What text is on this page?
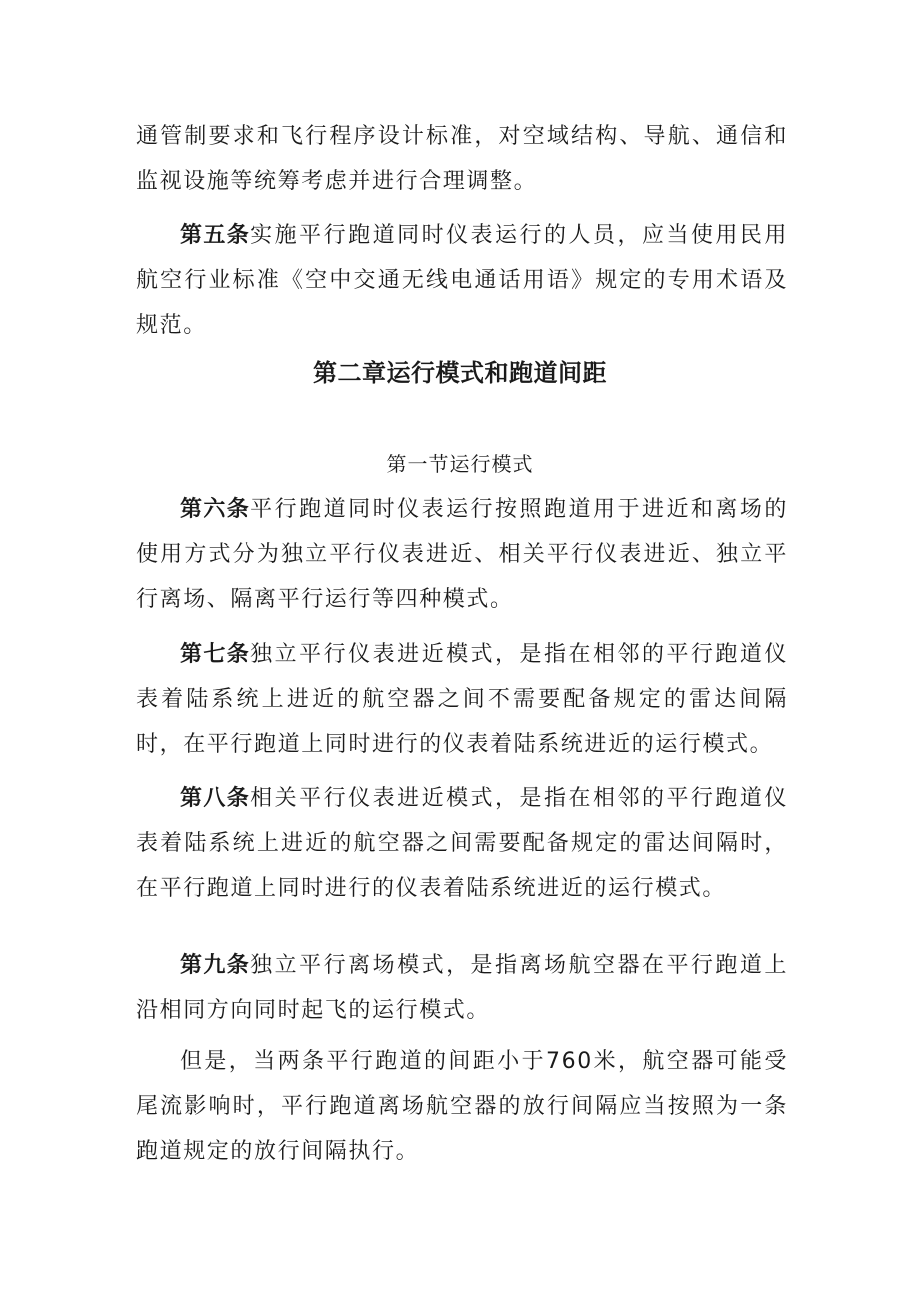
通管制要求和飞行程序设计标准，对空域结构、导航、通信和监视设施等统筹考虑并进行合理调整。

第五条实施平行跑道同时仪表运行的人员，应当使用民用航空行业标准《空中交通无线电通话用语》规定的专用术语及规范。

第二章运行模式和跑道间距
第一节运行模式

第六条平行跑道同时仪表运行按照跑道用于进近和离场的使用方式分为独立平行仪表进近、相关平行仪表进近、独立平行离场、隔离平行运行等四种模式。

第七条独立平行仪表进近模式，是指在相邻的平行跑道仪表着陆系统上进近的航空器之间不需要配备规定的雷达间隔时，在平行跑道上同时进行的仪表着陆系统进近的运行模式。

第八条相关平行仪表进近模式，是指在相邻的平行跑道仪表着陆系统上进近的航空器之间需要配备规定的雷达间隔时，在平行跑道上同时进行的仪表着陆系统进近的运行模式。

第九条独立平行离场模式，是指离场航空器在平行跑道上沿相同方向同时起飞的运行模式。

但是，当两条平行跑道的间距小于760米，航空器可能受尾流影响时，平行跑道离场航空器的放行间隔应当按照为一条跑道规定的放行间隔执行。
